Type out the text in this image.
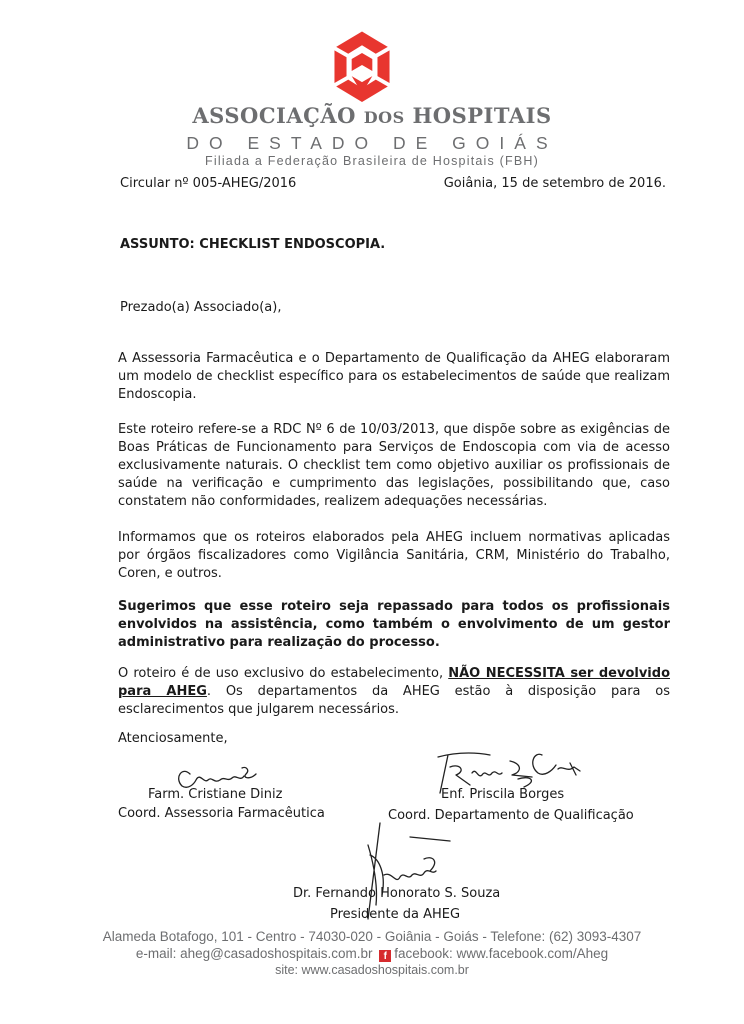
ASSOCIAÇÃO DOS HOSPITAIS
DO ESTADO DE GOIÁS
Filiada a Federação Brasileira de Hospitais (FBH)
Circular nº 005-AHEG/2016	Goiânia, 15 de setembro de 2016.
ASSUNTO: CHECKLIST ENDOSCOPIA.
Prezado(a) Associado(a),
A Assessoria Farmacêutica e o Departamento de Qualificação da AHEG elaboraram um modelo de checklist específico para os estabelecimentos de saúde que realizam Endoscopia.
Este roteiro refere-se a RDC Nº 6 de 10/03/2013, que dispõe sobre as exigências de Boas Práticas de Funcionamento para Serviços de Endoscopia com via de acesso exclusivamente naturais. O checklist tem como objetivo auxiliar os profissionais de saúde na verificação e cumprimento das legislações, possibilitando que, caso constatem não conformidades, realizem adequações necessárias.
Informamos que os roteiros elaborados pela AHEG incluem normativas aplicadas por órgãos fiscalizadores como Vigilância Sanitária, CRM, Ministério do Trabalho, Coren, e outros.
Sugerimos que esse roteiro seja repassado para todos os profissionais envolvidos na assistência, como também o envolvimento de um gestor administrativo para realização do processo.
O roteiro é de uso exclusivo do estabelecimento, NÃO NECESSITA ser devolvido para AHEG. Os departamentos da AHEG estão à disposição para os esclarecimentos que julgarem necessários.
Atenciosamente,
Farm. Cristiane Diniz
Coord. Assessoria Farmacêutica
Enf. Priscila Borges
Coord. Departamento de Qualificação
Dr. Fernando Honorato S. Souza
Presidente da AHEG
Alameda Botafogo, 101 - Centro - 74030-020 - Goiânia - Goiás - Telefone: (62) 3093-4307
e-mail: aheg@casadoshospitais.com.br f facebook: www.facebook.com/Aheg
site: www.casadoshospitais.com.br
